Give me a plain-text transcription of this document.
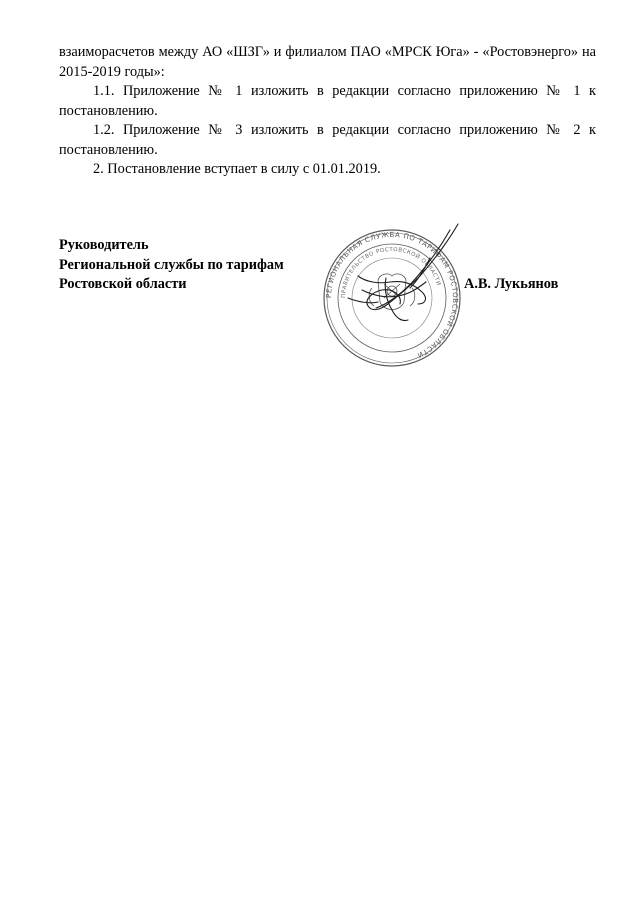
взаиморасчетов между АО «ШЗГ» и филиалом ПАО «МРСК Юга» - «Ростовэнерго» на 2015-2019 годы»:

1.1. Приложение № 1 изложить в редакции согласно приложению № 1 к постановлению.

1.2. Приложение № 3 изложить в редакции согласно приложению № 2 к постановлению.

2. Постановление вступает в силу с 01.01.2019.

Руководитель
Региональной службы по тарифам
Ростовской области
РЕГИОНАЛЬНАЯ СЛУЖБА ПО ТАРИФАМ РОСТОВСКОЙ ОБЛАСТИ
ПРАВИТЕЛЬСТВО РОСТОВСКОЙ ОБЛАСТИ А.В. Лукьянов
